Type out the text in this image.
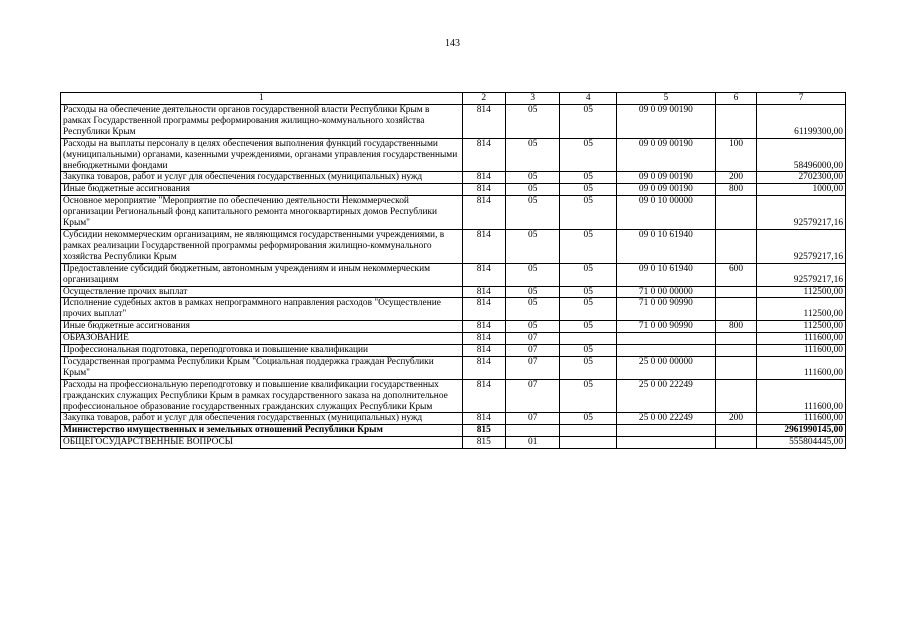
143
1	2	3	4	5	6	7
Расходы на обеспечение деятельности органов государственной власти Республики Крым в рамках Государственной программы реформирования жилищно-коммунального хозяйства Республики Крым	814	05	05	09 0 09 00190		61199300,00
Расходы на выплаты персоналу в целях обеспечения выполнения функций государственными (муниципальными) органами, казенными учреждениями, органами управления государственными внебюджетными фондами	814	05	05	09 0 09 00190	100	58496000,00
Закупка товаров, работ и услуг для обеспечения государственных (муниципальных) нужд	814	05	05	09 0 09 00190	200	2702300,00
Иные бюджетные ассигнования	814	05	05	09 0 09 00190	800	1000,00
Основное мероприятие "Мероприятие по обеспечению деятельности Некоммерческой организации Региональный фонд капитального ремонта многоквартирных домов Республики Крым"	814	05	05	09 0 10 00000		92579217,16
Субсидии некоммерческим организациям, не являющимся государственными учреждениями, в рамках реализации Государственной программы реформирования жилищно-коммунального хозяйства Республики Крым	814	05	05	09 0 10 61940		92579217,16
Предоставление субсидий бюджетным, автономным учреждениям и иным некоммерческим организациям	814	05	05	09 0 10 61940	600	92579217,16
Осуществление прочих выплат	814	05	05	71 0 00 00000		112500,00
Исполнение судебных актов в рамках непрограммного направления расходов "Осуществление прочих выплат"	814	05	05	71 0 00 90990		112500,00
Иные бюджетные ассигнования	814	05	05	71 0 00 90990	800	112500,00
ОБРАЗОВАНИЕ	814	07				111600,00
Профессиональная подготовка, переподготовка и повышение квалификации	814	07	05			111600,00
Государственная программа Республики Крым "Социальная поддержка граждан Республики Крым"	814	07	05	25 0 00 00000		111600,00
Расходы на профессиональную переподготовку и повышение квалификации государственных гражданских служащих Республики Крым в рамках государственного заказа на дополнительное профессиональное образование государственных гражданских служащих Республики Крым	814	07	05	25 0 00 22249		111600,00
Закупка товаров, работ и услуг для обеспечения государственных (муниципальных) нужд	814	07	05	25 0 00 22249	200	111600,00
Министерство имущественных и земельных отношений Республики Крым	815					2961990145,00
ОБЩЕГОСУДАРСТВЕННЫЕ ВОПРОСЫ	815	01				555804445,00
